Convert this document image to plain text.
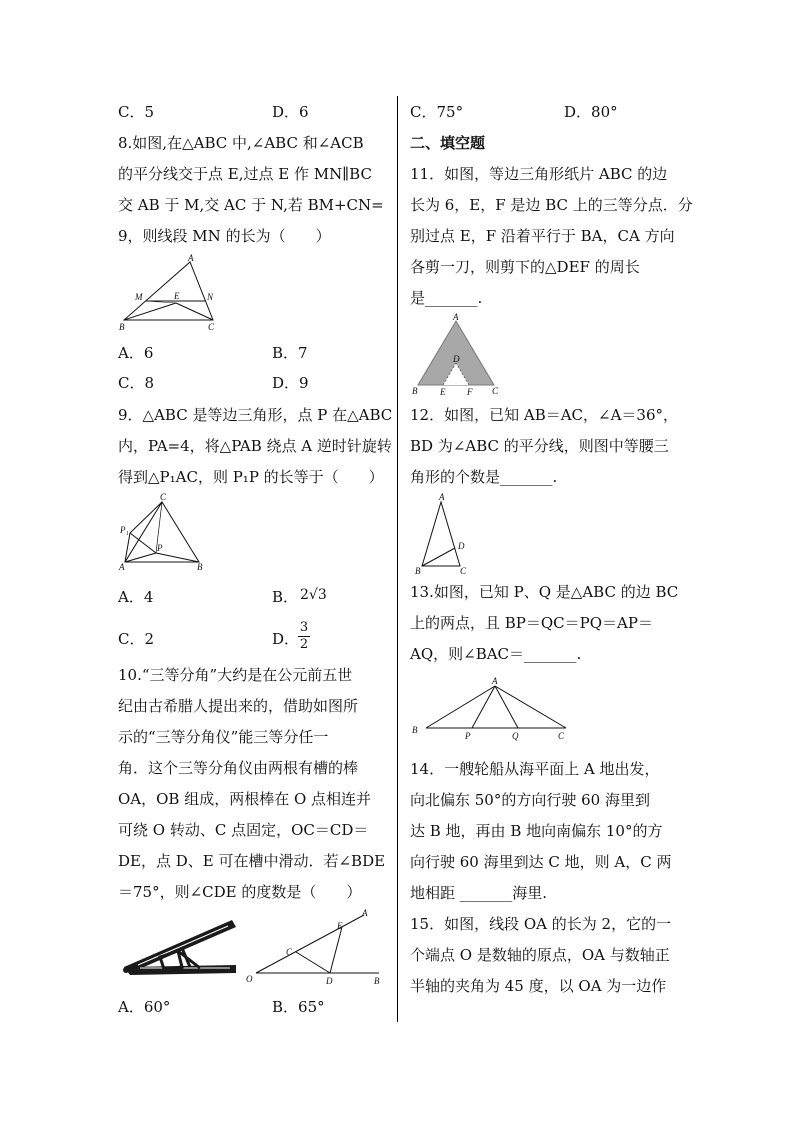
C．5	D．6
8.如图,在△ABC 中,∠ABC 和∠ACB
的平分线交于点 E,过点 E 作 MN∥BC
交 AB 于 M,交 AC 于 N,若 BM+CN=
9，则线段 MN 的长为（　　）
A
M	E	N
B	C
A．6	B．7
C．8	D．9
9．△ABC 是等边三角形，点 P 在△ABC
内，PA=4，将△PAB 绕点 A 逆时针旋转
得到△P₁AC，则 P₁P 的长等于（　　）
C
P₁
P
A	B
A．4	B． 2√3
C．2	D．
3
2
10.“三等分角”大约是在公元前五世
纪由古希腊人提出来的，借助如图所
示的“三等分角仪”能三等分任一
角．这个三等分角仪由两根有槽的棒
OA，OB 组成，两根棒在 O 点相连并
可绕 O 转动、C 点固定，OC＝CD＝
DE，点 D、E 可在槽中滑动．若∠BDE
＝75°，则∠CDE 的度数是（　　）
A
E
C
O	D	B
A．60°	B．65°
C．75°	D．80°
二、填空题
11．如图，等边三角形纸片 ABC 的边
长为 6，E，F 是边 BC 上的三等分点．分
别过点 E，F 沿着平行于 BA，CA 方向
各剪一刀，则剪下的△DEF 的周长
是_______.
A
D
B	E F C
12．如图，已知 AB＝AC，∠A＝36°，
BD 为∠ABC 的平分线，则图中等腰三
角形的个数是_______.
A
D
B	C
13.如图，已知 P、Q 是△ABC 的边 BC
上的两点，且 BP＝QC＝PQ＝AP＝
AQ，则∠BAC＝_______.
A
B
P	Q	C
14．一艘轮船从海平面上 A 地出发，
向北偏东 50°的方向行驶 60 海里到
达 B 地，再由 B 地向南偏东 10°的方
向行驶 60 海里到达 C 地，则 A，C 两
地相距 _______海里.
15．如图，线段 OA 的长为 2，它的一
个端点 O 是数轴的原点，OA 与数轴正
半轴的夹角为 45 度，以 OA 为一边作
